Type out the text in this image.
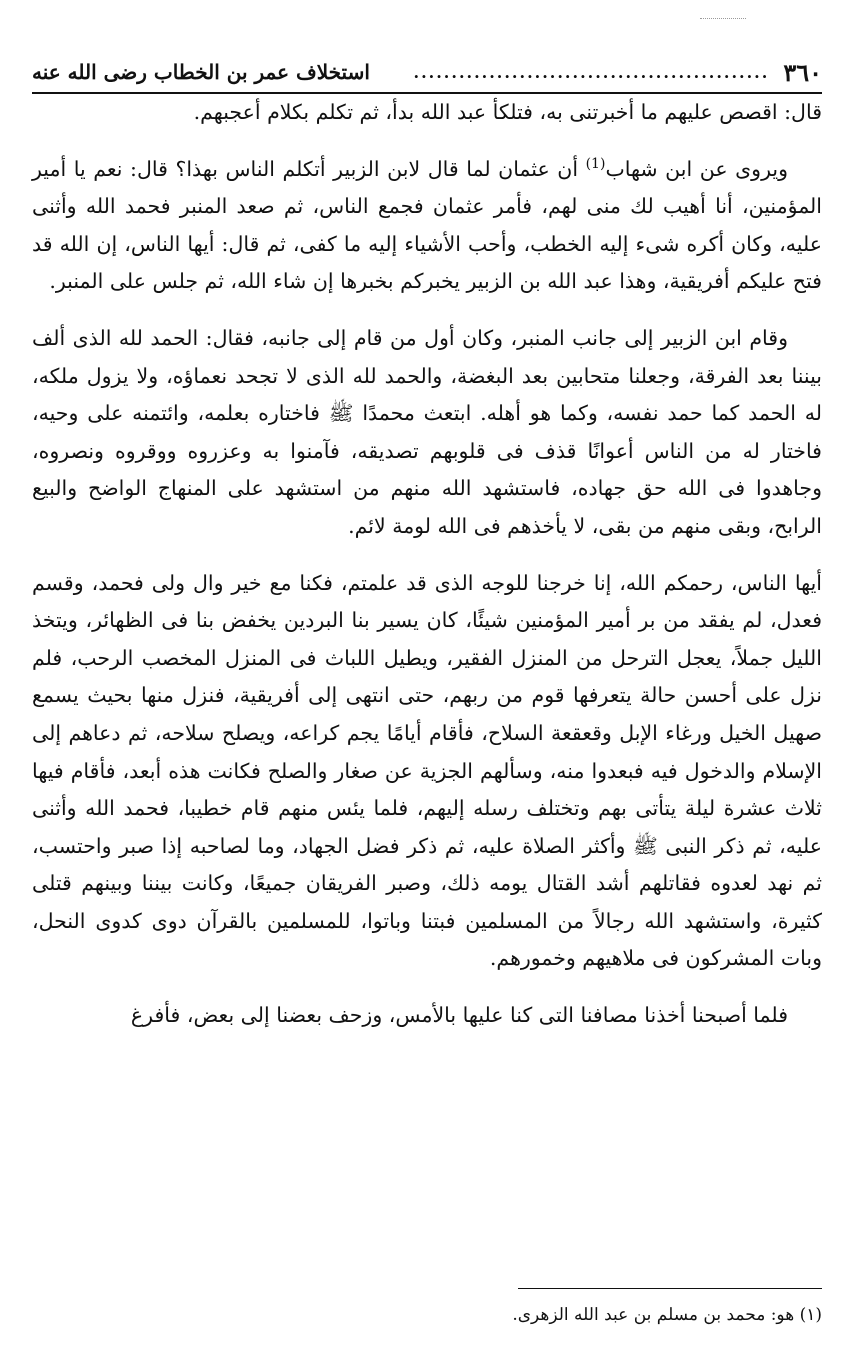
٣٦٠
...............................................
استخلاف عمر بن الخطاب رضى الله عنه

قال: اقصص عليهم ما أخبرتنى به، فتلكأ عبد الله بدأ، ثم تكلم بكلام أعجبهم.

ويروى عن ابن شهاب$^{(1)}$ أن عثمان لما قال لابن الزبير أتكلم الناس بهذا؟ قال: نعم يا أمير المؤمنين، أنا أهيب لك منى لهم، فأمر عثمان فجمع الناس، ثم صعد المنبر فحمد الله وأثنى عليه، وكان أكره شىء إليه الخطب، وأحب الأشياء إليه ما كفى، ثم قال: أيها الناس، إن الله قد فتح عليكم أفريقية، وهذا عبد الله بن الزبير يخبركم بخبرها إن شاء الله، ثم جلس على المنبر.

وقام ابن الزبير إلى جانب المنبر، وكان أول من قام إلى جانبه، فقال: الحمد لله الذى ألف بيننا بعد الفرقة، وجعلنا متحابين بعد البغضة، والحمد لله الذى لا تجحد نعماؤه، ولا يزول ملكه، له الحمد كما حمد نفسه، وكما هو أهله. ابتعث محمدًا ﷺ فاختاره بعلمه، وائتمنه على وحيه، فاختار له من الناس أعوانًا قذف فى قلوبهم تصديقه، فآمنوا به وعزروه ووقروه ونصروه، وجاهدوا فى الله حق جهاده، فاستشهد الله منهم من استشهد على المنهاج الواضح والبيع الرابح، وبقى منهم من بقى، لا يأخذهم فى الله لومة لائم.

أيها الناس، رحمكم الله، إنا خرجنا للوجه الذى قد علمتم، فكنا مع خير وال ولى فحمد، وقسم فعدل، لم يفقد من بر أمير المؤمنين شيئًا، كان يسير بنا البردين يخفض بنا فى الظهائر، ويتخذ الليل جملاً، يعجل الترحل من المنزل الفقير، ويطيل اللباث فى المنزل المخصب الرحب، فلم نزل على أحسن حالة يتعرفها قوم من ربهم، حتى انتهى إلى أفريقية، فنزل منها بحيث يسمع صهيل الخيل ورغاء الإبل وقعقعة السلاح، فأقام أيامًا يجم كراعه، ويصلح سلاحه، ثم دعاهم إلى الإسلام والدخول فيه فبعدوا منه، وسألهم الجزية عن صغار والصلح فكانت هذه أبعد، فأقام فيها ثلاث عشرة ليلة يتأتى بهم وتختلف رسله إليهم، فلما يئس منهم قام خطيبا، فحمد الله وأثنى عليه، ثم ذكر النبى ﷺ وأكثر الصلاة عليه، ثم ذكر فضل الجهاد، وما لصاحبه إذا صبر واحتسب، ثم نهد لعدوه فقاتلهم أشد القتال يومه ذلك، وصبر الفريقان جميعًا، وكانت بيننا وبينهم قتلى كثيرة، واستشهد الله رجالاً من المسلمين فبتنا وباتوا، للمسلمين بالقرآن دوى كدوى النحل، وبات المشركون فى ملاهيهم وخمورهم.

فلما أصبحنا أخذنا مصافنا التى كنا عليها بالأمس، وزحف بعضنا إلى بعض، فأفرغ

(١) هو: محمد بن مسلم بن عبد الله الزهرى.
